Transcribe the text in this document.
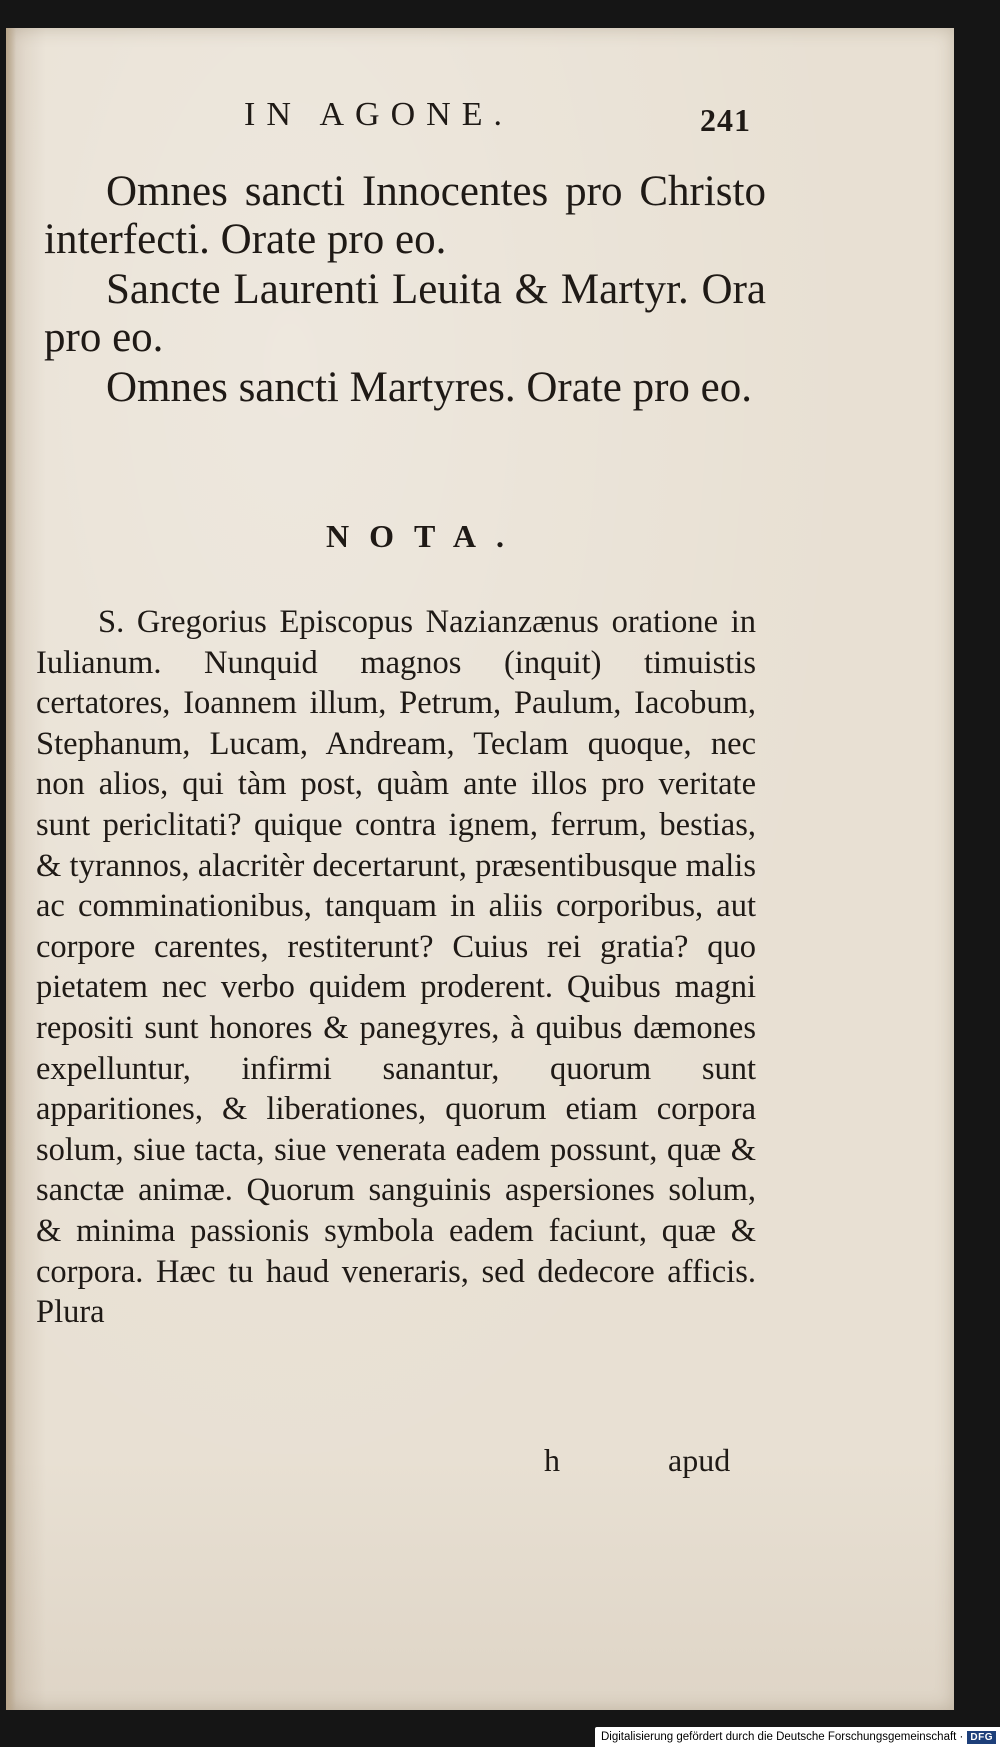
IN AGONE.	241
Omnes sancti Innocentes pro Christo interfecti. Orate pro eo.
Sancte Laurenti Leuita & Martyr. Ora pro eo.
Omnes sancti Martyres. Orate pro eo.
NOTA.

S. Gregorius Episcopus Nazianzænus oratione in Iulianum. Nunquid magnos (inquit) timuistis certatores, Ioannem illum, Petrum, Paulum, Iacobum, Stephanum, Lucam, Andream, Teclam quoque, nec non alios, qui tàm post, quàm ante illos pro veritate sunt periclitati? quique contra ignem, ferrum, bestias, & tyrannos, alacritèr decertarunt, præsentibusque malis ac comminationibus, tanquam in aliis corporibus, aut corpore carentes, restiterunt? Cuius rei gratia? quo pietatem nec verbo quidem proderent. Quibus magni repositi sunt honores & panegyres, à quibus dæmones expelluntur, infirmi sanantur, quorum sunt apparitiones, & liberationes, quorum etiam corpora solum, siue tacta, siue venerata eadem possunt, quæ & sanctæ animæ. Quorum sanguinis aspersiones solum, & minima passionis symbola eadem faciunt, quæ & corpora. Hæc tu haud veneraris, sed dedecore afficis. Plura

h	apud
Digitalisierung gefördert durch die Deutsche Forschungsgemeinschaft · DFG
